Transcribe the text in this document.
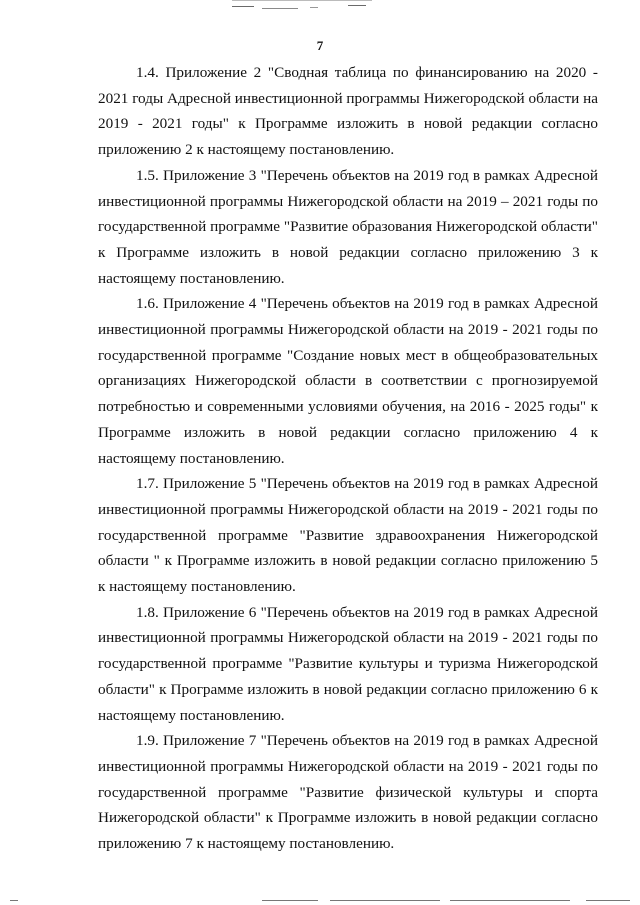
7

1.4. Приложение 2 "Сводная таблица по финансированию на 2020 - 2021 годы Адресной инвестиционной программы Нижегородской области на 2019 - 2021 годы" к Программе изложить в новой редакции согласно приложению 2 к настоящему постановлению.

1.5. Приложение 3 "Перечень объектов на 2019 год в рамках Адресной инвестиционной программы Нижегородской области на 2019 – 2021 годы по государственной программе "Развитие образования Нижегородской области" к Программе изложить в новой редакции согласно приложению 3 к настоящему постановлению.

1.6. Приложение 4 "Перечень объектов на 2019 год в рамках Адресной инвестиционной программы Нижегородской области на 2019 - 2021 годы по государственной программе "Создание новых мест в общеобразовательных организациях Нижегородской области в соответствии с прогнозируемой потребностью и современными условиями обучения, на 2016 - 2025 годы" к Программе изложить в новой редакции согласно приложению 4 к настоящему постановлению.

1.7. Приложение 5 "Перечень объектов на 2019 год в рамках Адресной инвестиционной программы Нижегородской области на 2019 - 2021 годы по государственной программе "Развитие здравоохранения Нижегородской области " к Программе изложить в новой редакции согласно приложению 5 к настоящему постановлению.

1.8. Приложение 6 "Перечень объектов на 2019 год в рамках Адресной инвестиционной программы Нижегородской области на 2019 - 2021 годы по государственной программе "Развитие культуры и туризма Нижегородской области" к Программе изложить в новой редакции согласно приложению 6 к настоящему постановлению.

1.9. Приложение 7 "Перечень объектов на 2019 год в рамках Адресной инвестиционной программы Нижегородской области на 2019 - 2021 годы по государственной программе "Развитие физической культуры и спорта Нижегородской области" к Программе изложить в новой редакции согласно приложению 7 к настоящему постановлению.
